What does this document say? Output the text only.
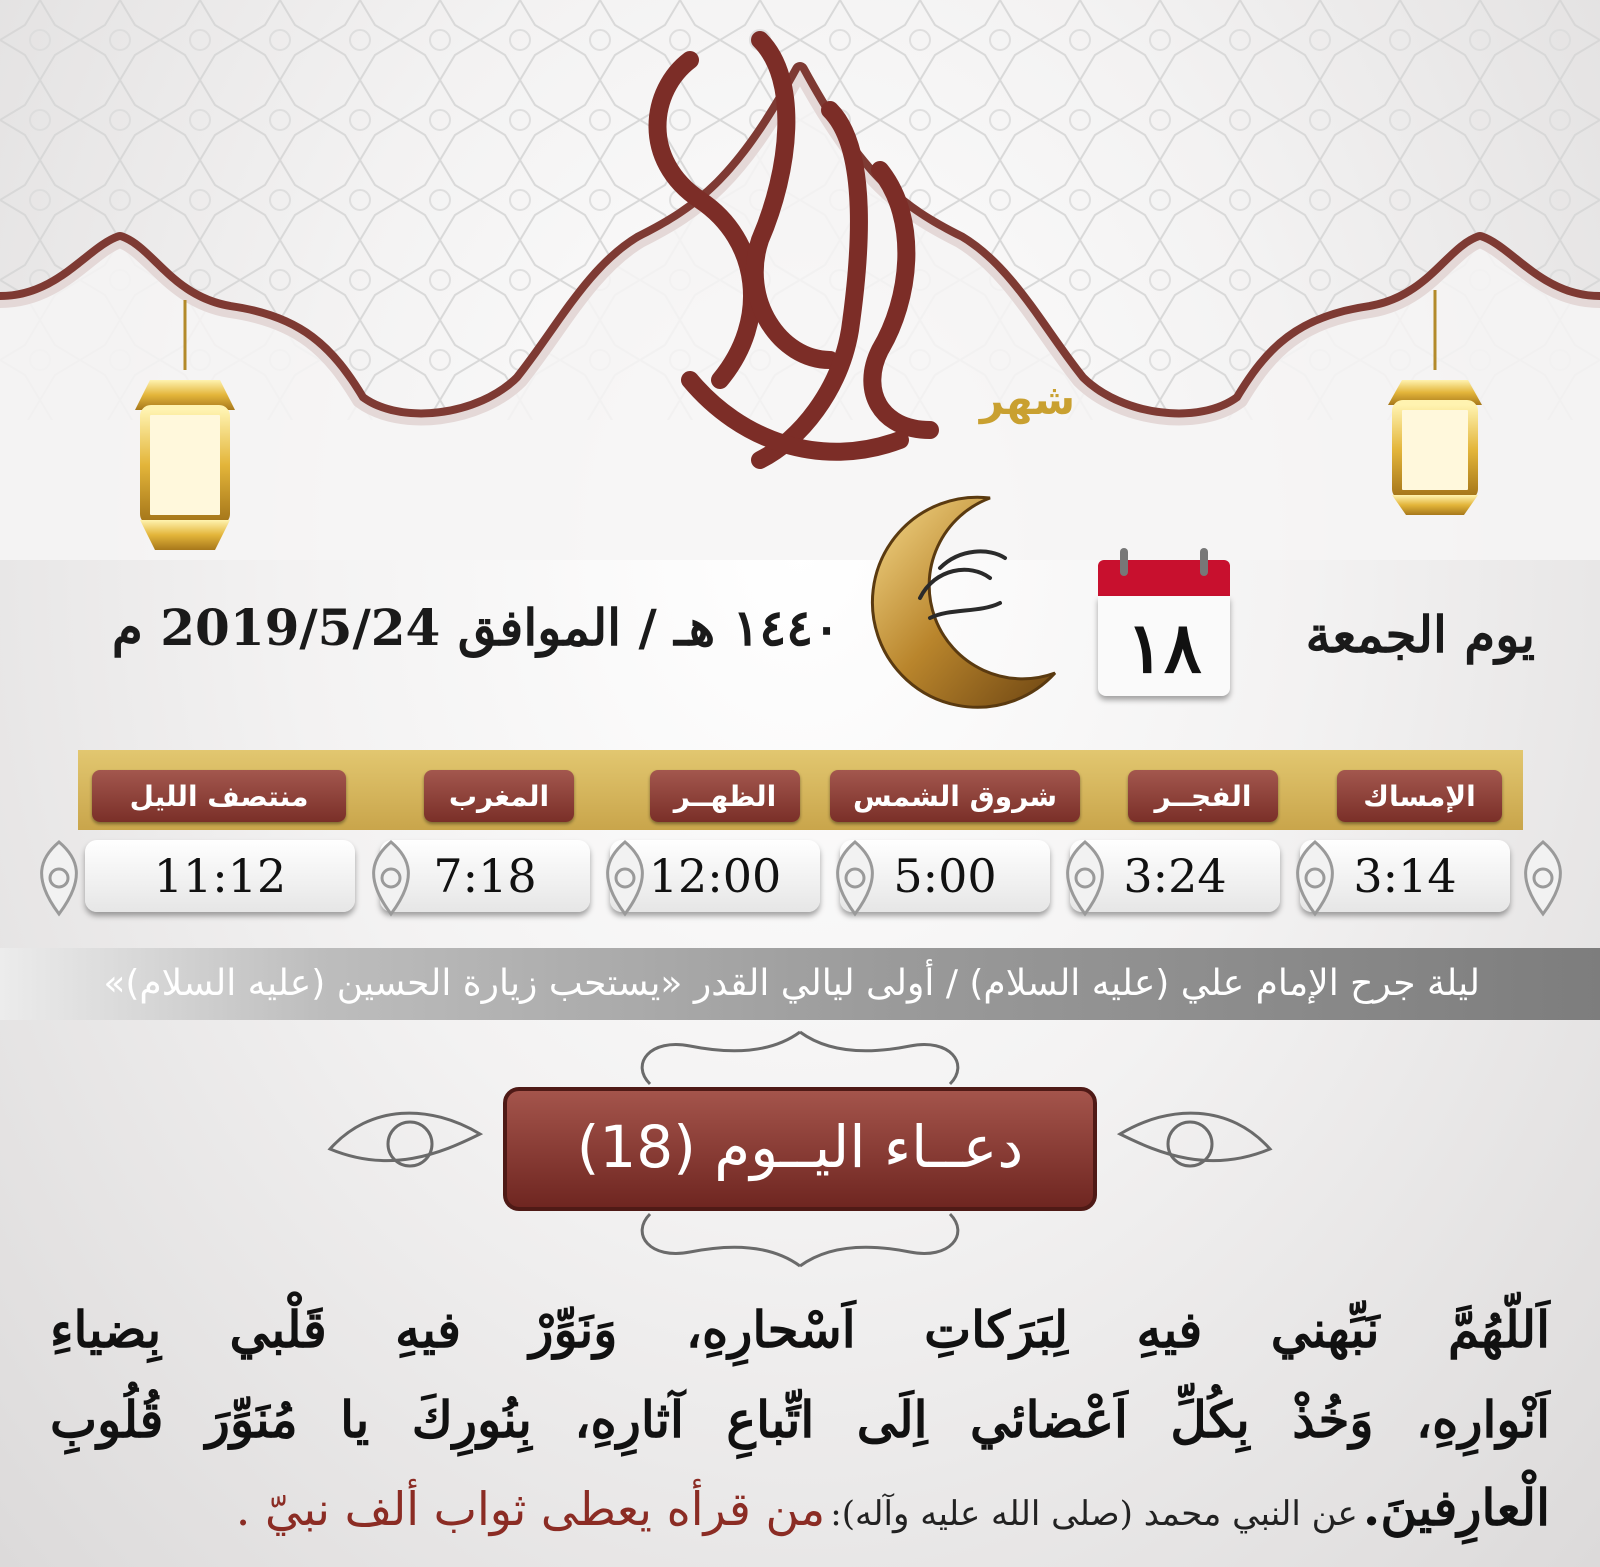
شهر
١٨	يوم الجمعة
١٤٤٠ هـ / الموافق 2019/5/24 م
الإمساك
الفجــر
شروق الشمس
الظهــر
المغرب
منتصف الليل
3:14
3:24
5:00
12:00
7:18
11:12
ليلة جرح الإمام علي (عليه السلام) / أولى ليالي القدر «يستحب زيارة الحسين (عليه السلام)»
دعــاء اليــوم (18)
اَللّهُمَّ نَبِّهني فيهِ لِبَرَكاتِ اَسْحارِهِ، وَنَوِّرْ فيهِ قَلْبي بِضياءِ
اَنْوارِهِ، وَخُذْ بِكُلِّ اَعْضائي اِلَى اتِّباعِ آثارِهِ، بِنُورِكَ يا مُنَوِّرَ قُلُوبِ
الْعارِفينَ. عن النبي محمد (صلى الله عليه وآله): من قرأه يعطى ثواب ألف نبيّ .
